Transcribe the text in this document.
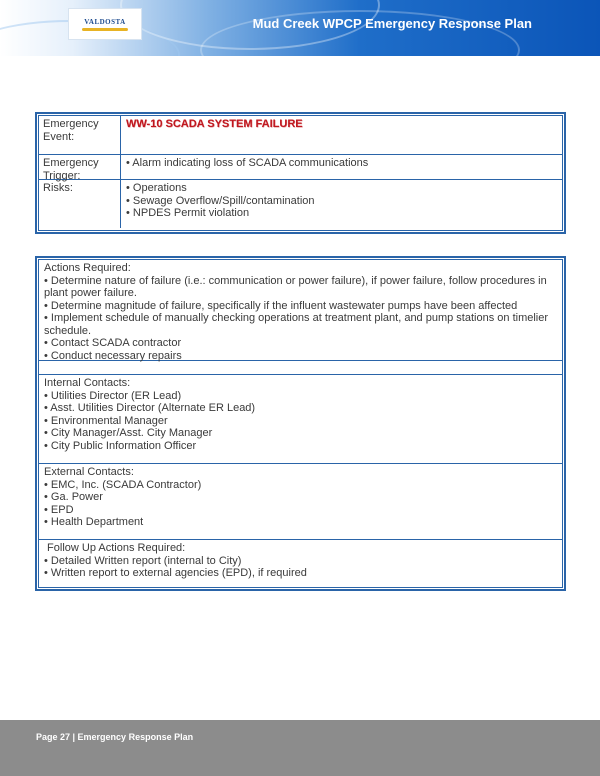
VALDOSTA	Mud Creek WPCP Emergency Response Plan
Emergency Event:
WW-10 SCADA SYSTEM FAILURE
Emergency Trigger:
• Alarm indicating loss of SCADA communications
Risks:	• Operations
• Sewage Overflow/Spill/contamination
• NPDES Permit violation
Actions Required:
• Determine nature of failure (i.e.: communication or power failure), if power failure, follow procedures in plant power failure.
• Determine magnitude of failure, specifically if the influent wastewater pumps have been affected
• Implement schedule of manually checking operations at treatment plant, and pump stations on timelier schedule.
• Contact SCADA contractor
• Conduct necessary repairs
Internal Contacts:
• Utilities Director (ER Lead)
• Asst. Utilities Director (Alternate ER Lead)
• Environmental Manager
• City Manager/Asst. City Manager
• City Public Information Officer
External Contacts:
• EMC, Inc. (SCADA Contractor)
• Ga. Power
• EPD
• Health Department
Follow Up Actions Required:
• Detailed Written report (internal to City)
• Written report to external agencies (EPD), if required
Page 27 | Emergency Response Plan
